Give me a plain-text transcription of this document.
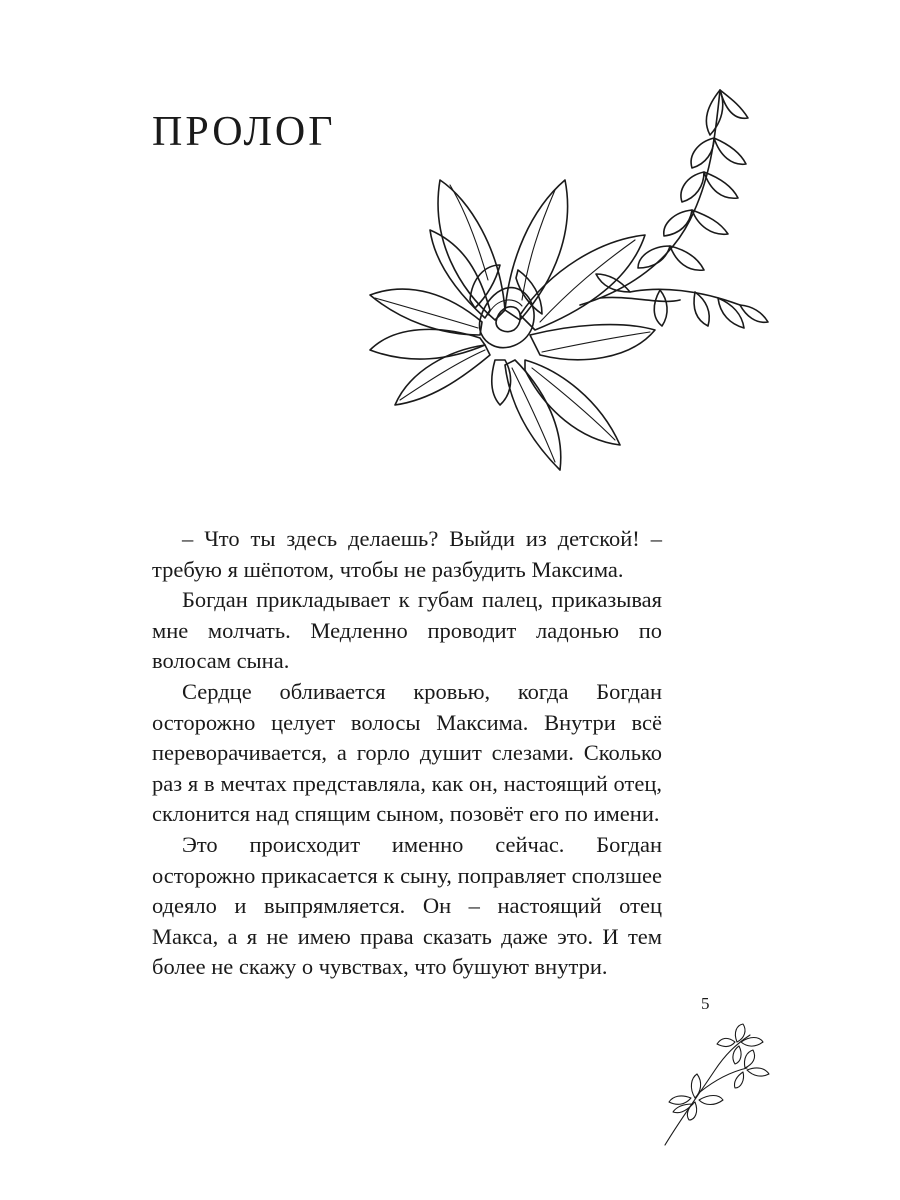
ПРОЛОГ

– Что ты здесь делаешь? Выйди из детской! – требую я шёпотом, чтобы не разбудить Максима.

Богдан прикладывает к губам палец, приказывая мне молчать. Медленно проводит ладонью по волосам сына.

Сердце обливается кровью, когда Богдан осторожно целует волосы Максима. Внутри всё переворачивается, а горло душит слезами. Сколько раз я в мечтах представляла, как он, настоящий отец, склонится над спящим сыном, позовёт его по имени.

Это происходит именно сейчас. Богдан осторожно прикасается к сыну, поправляет сползшее одеяло и выпрямляется. Он – настоящий отец Макса, а я не имею права сказать даже это. И тем более не скажу о чувствах, что бушуют внутри.

5
